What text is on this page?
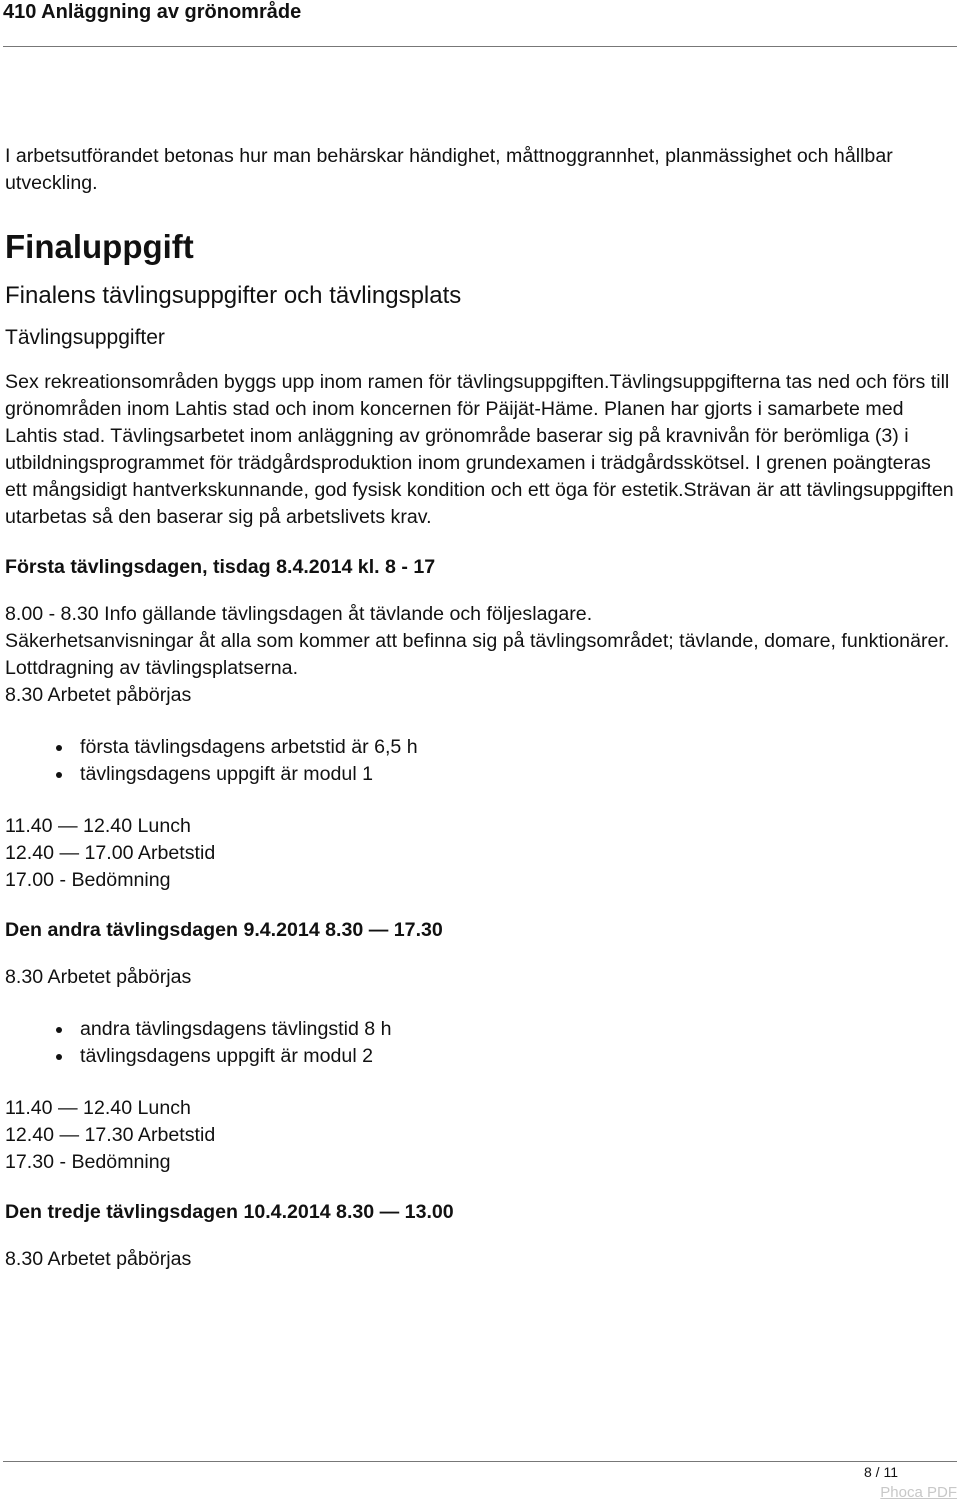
410 Anläggning av grönområde

I arbetsutförandet betonas hur man behärskar händighet, måttnoggrannhet, planmässighet och hållbar utveckling.

Finaluppgift
Finalens tävlingsuppgifter och tävlingsplats
Tävlingsuppgifter

Sex rekreationsområden byggs upp inom ramen för tävlingsuppgiften.Tävlingsuppgifterna tas ned och förs till grönområden inom Lahtis stad och inom koncernen för Päijät-Häme. Planen har gjorts i samarbete med Lahtis stad. Tävlingsarbetet inom anläggning av grönområde baserar sig på kravnivån för berömliga (3) i utbildningsprogrammet för trädgårdsproduktion inom grundexamen i trädgårdsskötsel. I grenen poängteras ett mångsidigt hantverkskunnande, god fysisk kondition och ett öga för estetik.Strävan är att tävlingsuppgiften utarbetas så den baserar sig på arbetslivets krav.

Första tävlingsdagen, tisdag 8.4.2014 kl. 8 - 17

8.00 - 8.30 Info gällande tävlingsdagen åt tävlande och följeslagare.

Säkerhetsanvisningar åt alla som kommer att befinna sig på tävlingsområdet; tävlande, domare, funktionärer.

Lottdragning av tävlingsplatserna.

8.30 Arbetet påbörjas

första tävlingsdagens arbetstid är 6,5 h
tävlingsdagens uppgift är modul 1

11.40 — 12.40 Lunch

12.40 — 17.00 Arbetstid

17.00 - Bedömning

Den andra tävlingsdagen 9.4.2014 8.30 — 17.30

8.30 Arbetet påbörjas

andra tävlingsdagens tävlingstid 8 h
tävlingsdagens uppgift är modul 2

11.40 — 12.40 Lunch

12.40 — 17.30 Arbetstid

17.30 - Bedömning

Den tredje tävlingsdagen 10.4.2014 8.30 — 13.00

8.30 Arbetet påbörjas

8 / 11
Phoca PDF
